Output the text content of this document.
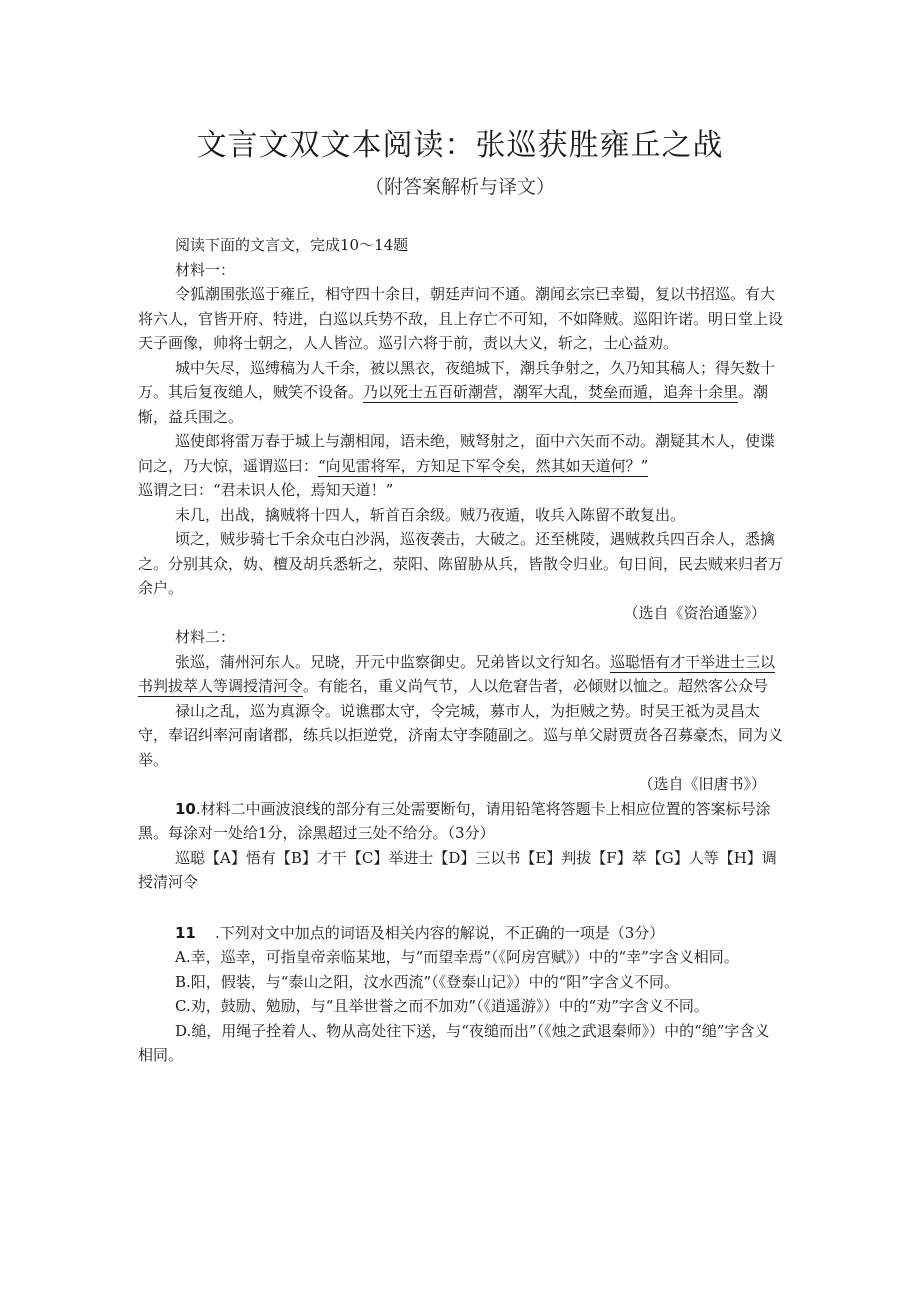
文言文双文本阅读：张巡获胜雍丘之战
（附答案解析与译文）

阅读下面的文言文，完成10～14题

材料一：

令狐潮围张巡于雍丘，相守四十余日，朝廷声问不通。潮闻玄宗已幸蜀，复以书招巡。有大将六人，官皆开府、特进，白巡以兵势不敌，且上存亡不可知，不如降贼。巡阳许诺。明日堂上设天子画像，帅将士朝之，人人皆泣。巡引六将于前，责以大义，斩之，士心益劝。

城中矢尽，巡缚稿为人千余，被以黑衣，夜缒城下，潮兵争射之，久乃知其稿人；得矢数十万。其后复夜缒人，贼笑不设备。乃以死士五百斫潮营，潮军大乱，焚垒而遁，追奔十余里。潮惭，益兵围之。

巡使郎将雷万春于城上与潮相闻，语未绝，贼弩射之，面中六矢而不动。潮疑其木人，使谍问之，乃大惊，遥谓巡曰：“向见雷将军，方知足下军令矣，然其如天道何？”
巡谓之曰：“君未识人伦，焉知天道！”

未几，出战，擒贼将十四人，斩首百余级。贼乃夜遁，收兵入陈留不敢复出。

顷之，贼步骑七千余众屯白沙涡，巡夜袭击，大破之。还至桃陵，遇贼救兵四百余人，悉擒之。分别其众，妫、檀及胡兵悉斩之，荥阳、陈留胁从兵，皆散令归业。旬日间，民去贼来归者万余户。

（选自《资治通鉴》）

材料二：

张巡，蒲州河东人。兄晓，开元中监察御史。兄弟皆以文行知名。巡聪悟有才干举进士三以书判拔萃人等调授清河令。有能名，重义尚气节，人以危窘告者，必倾财以恤之。超然客公众号

禄山之乱，巡为真源令。说谯郡太守，令完城，募市人，为拒贼之势。时吴王祗为灵昌太守，奉诏纠率河南诸郡，练兵以拒逆党，济南太守李随副之。巡与单父尉贾贲各召募豪杰，同为义举。

（选自《旧唐书》）

10.材料二中画波浪线的部分有三处需要断句，请用铅笔将答题卡上相应位置的答案标号涂黑。每涂对一处给1分，涂黑超过三处不给分。（3分）

巡聪【A】悟有【B】才干【C】举进士【D】三以书【E】判拔【F】萃【G】人等【H】调授清河令

11 .下列对文中加点的词语及相关内容的解说，不正确的一项是（3分）

A.幸，巡幸，可指皇帝亲临某地，与“而望幸焉”（《阿房宫赋》）中的“幸”字含义相同。

B.阳，假装，与“泰山之阳，汶水西流”（《登泰山记》）中的“阳”字含义不同。

C.劝，鼓励、勉励，与“且举世誉之而不加劝”（《逍遥游》）中的“劝”字含义不同。

D.缒，用绳子拴着人、物从高处往下送，与“夜缒而出”（《烛之武退秦师》）中的“缒”字含义相同。
